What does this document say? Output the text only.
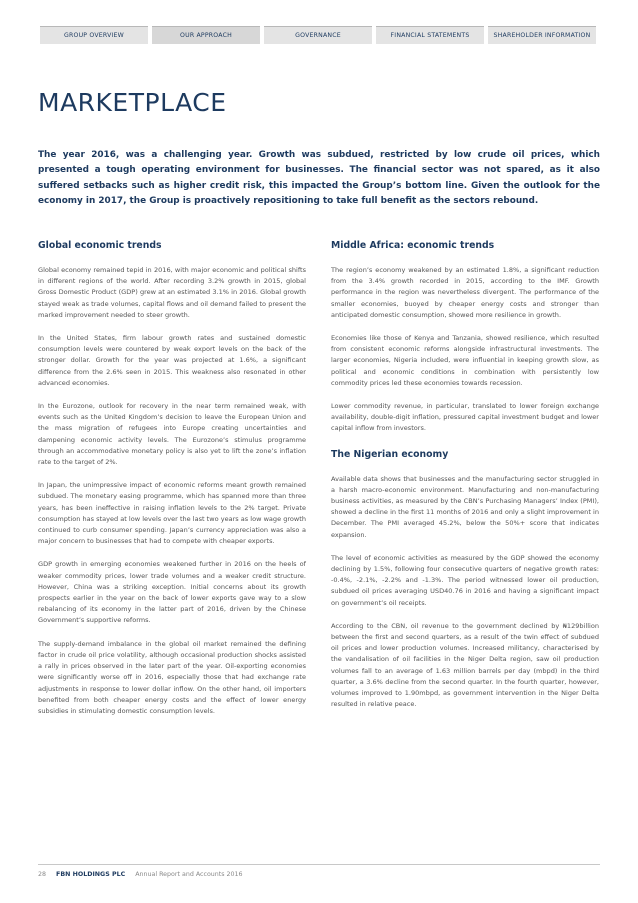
GROUP OVERVIEW	OUR APPROACH	GOVERNANCE	FINANCIAL STATEMENTS	SHAREHOLDER INFORMATION
MARKETPLACE

The year 2016, was a challenging year. Growth was subdued, restricted by low crude oil prices, which presented a tough operating environment for businesses. The financial sector was not spared, as it also suffered setbacks such as higher credit risk, this impacted the Group’s bottom line. Given the outlook for the economy in 2017, the Group is proactively repositioning to take full benefit as the sectors rebound.

Global economic trends

Global economy remained tepid in 2016, with major economic and political shifts in different regions of the world. After recording 3.2% growth in 2015, global Gross Domestic Product (GDP) grew at an estimated 3.1% in 2016. Global growth stayed weak as trade volumes, capital flows and oil demand failed to present the marked improvement needed to steer growth.

In the United States, firm labour growth rates and sustained domestic consumption levels were countered by weak export levels on the back of the stronger dollar. Growth for the year was projected at 1.6%, a significant difference from the 2.6% seen in 2015. This weakness also resonated in other advanced economies.

In the Eurozone, outlook for recovery in the near term remained weak, with events such as the United Kingdom’s decision to leave the European Union and the mass migration of refugees into Europe creating uncertainties and dampening economic activity levels. The Eurozone’s stimulus programme through an accommodative monetary policy is also yet to lift the zone’s inflation rate to the target of 2%.

In Japan, the unimpressive impact of economic reforms meant growth remained subdued. The monetary easing programme, which has spanned more than three years, has been ineffective in raising inflation levels to the 2% target. Private consumption has stayed at low levels over the last two years as low wage growth continued to curb consumer spending. Japan’s currency appreciation was also a major concern to businesses that had to compete with cheaper exports.

GDP growth in emerging economies weakened further in 2016 on the heels of weaker commodity prices, lower trade volumes and a weaker credit structure. However, China was a striking exception. Initial concerns about its growth prospects earlier in the year on the back of lower exports gave way to a slow rebalancing of its economy in the latter part of 2016, driven by the Chinese Government’s supportive reforms.

The supply-demand imbalance in the global oil market remained the defining factor in crude oil price volatility, although occasional production shocks assisted a rally in prices observed in the later part of the year. Oil-exporting economies were significantly worse off in 2016, especially those that had exchange rate adjustments in response to lower dollar inflow. On the other hand, oil importers benefited from both cheaper energy costs and the effect of lower energy subsidies in stimulating domestic consumption levels.

Middle Africa: economic trends

The region’s economy weakened by an estimated 1.8%, a significant reduction from the 3.4% growth recorded in 2015, according to the IMF. Growth performance in the region was nevertheless divergent. The performance of the smaller economies, buoyed by cheaper energy costs and stronger than anticipated domestic consumption, showed more resilience in growth.

Economies like those of Kenya and Tanzania, showed resilience, which resulted from consistent economic reforms alongside infrastructural investments. The larger economies, Nigeria included, were influential in keeping growth slow, as political and economic conditions in combination with persistently low commodity prices led these economies towards recession.

Lower commodity revenue, in particular, translated to lower foreign exchange availability, double-digit inflation, pressured capital investment budget and lower capital inflow from investors.

The Nigerian economy

Available data shows that businesses and the manufacturing sector struggled in a harsh macro-economic environment. Manufacturing and non-manufacturing business activities, as measured by the CBN’s Purchasing Managers’ Index (PMI), showed a decline in the first 11 months of 2016 and only a slight improvement in December. The PMI averaged 45.2%, below the 50%+ score that indicates expansion.

The level of economic activities as measured by the GDP showed the economy declining by 1.5%, following four consecutive quarters of negative growth rates: -0.4%, -2.1%, -2.2% and -1.3%. The period witnessed lower oil production, subdued oil prices averaging USD40.76 in 2016 and having a significant impact on government’s oil receipts.

According to the CBN, oil revenue to the government declined by ₦129billion between the first and second quarters, as a result of the twin effect of subdued oil prices and lower production volumes. Increased militancy, characterised by the vandalisation of oil facilities in the Niger Delta region, saw oil production volumes fall to an average of 1.63 million barrels per day (mbpd) in the third quarter, a 3.6% decline from the second quarter. In the fourth quarter, however, volumes improved to 1.90mbpd, as government intervention in the Niger Delta resulted in relative peace.

28 FBN HOLDINGS PLC Annual Report and Accounts 2016
